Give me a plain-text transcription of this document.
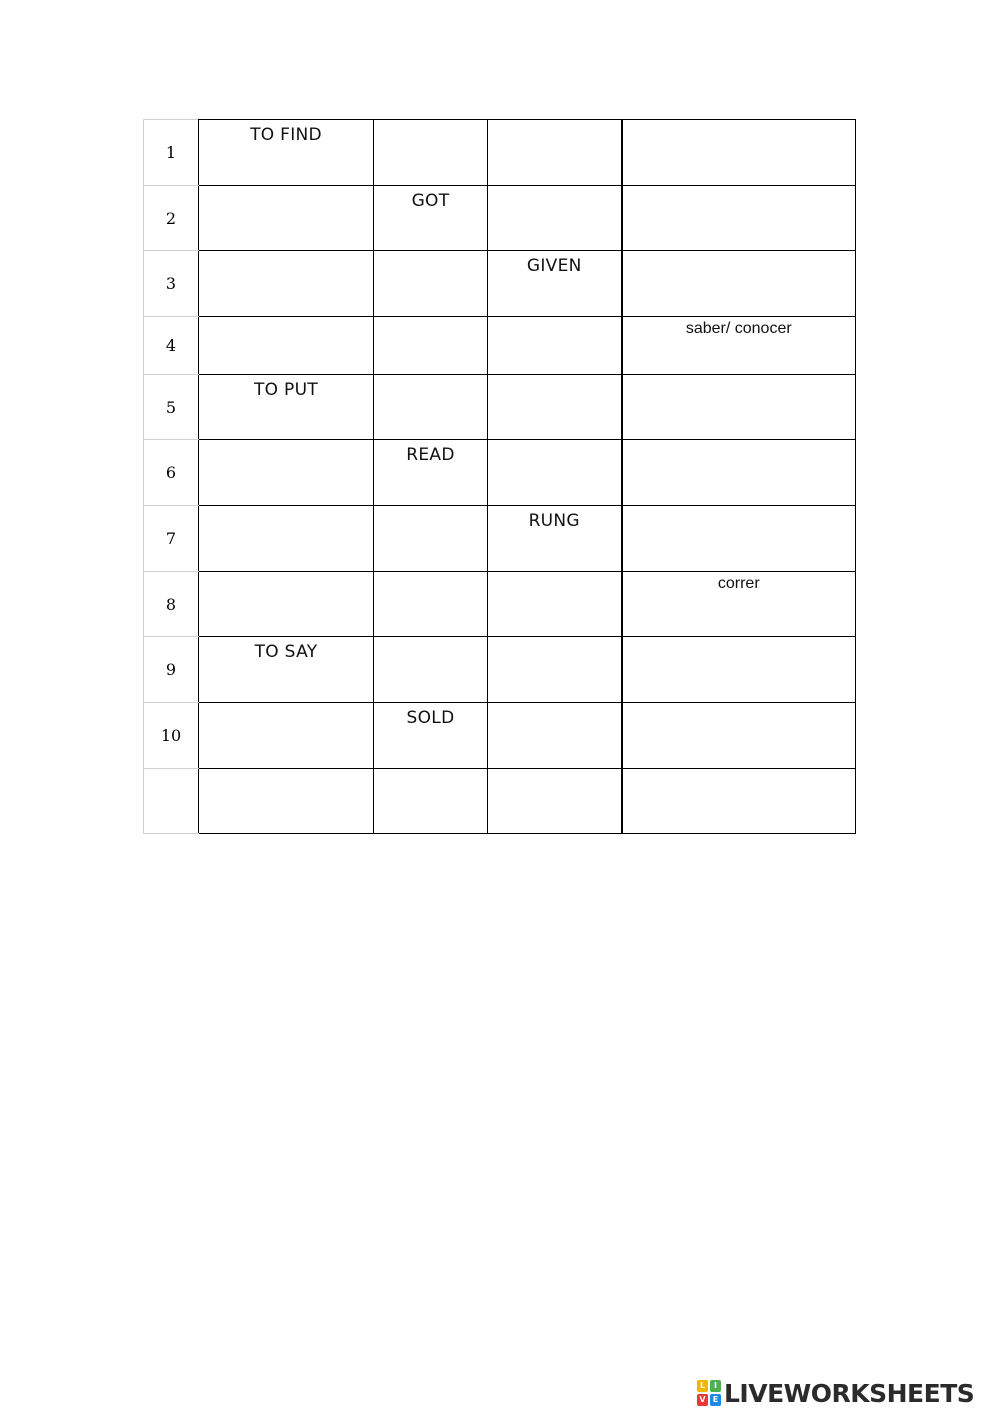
1	TO FIND			
2		GOT		
3			GIVEN	
4				saber/ conocer
5	TO PUT			
6		READ		
7			RUNG	
8				correr
9	TO SAY			
10		SOLD		

L	I
V E LIVEWORKSHEETS
